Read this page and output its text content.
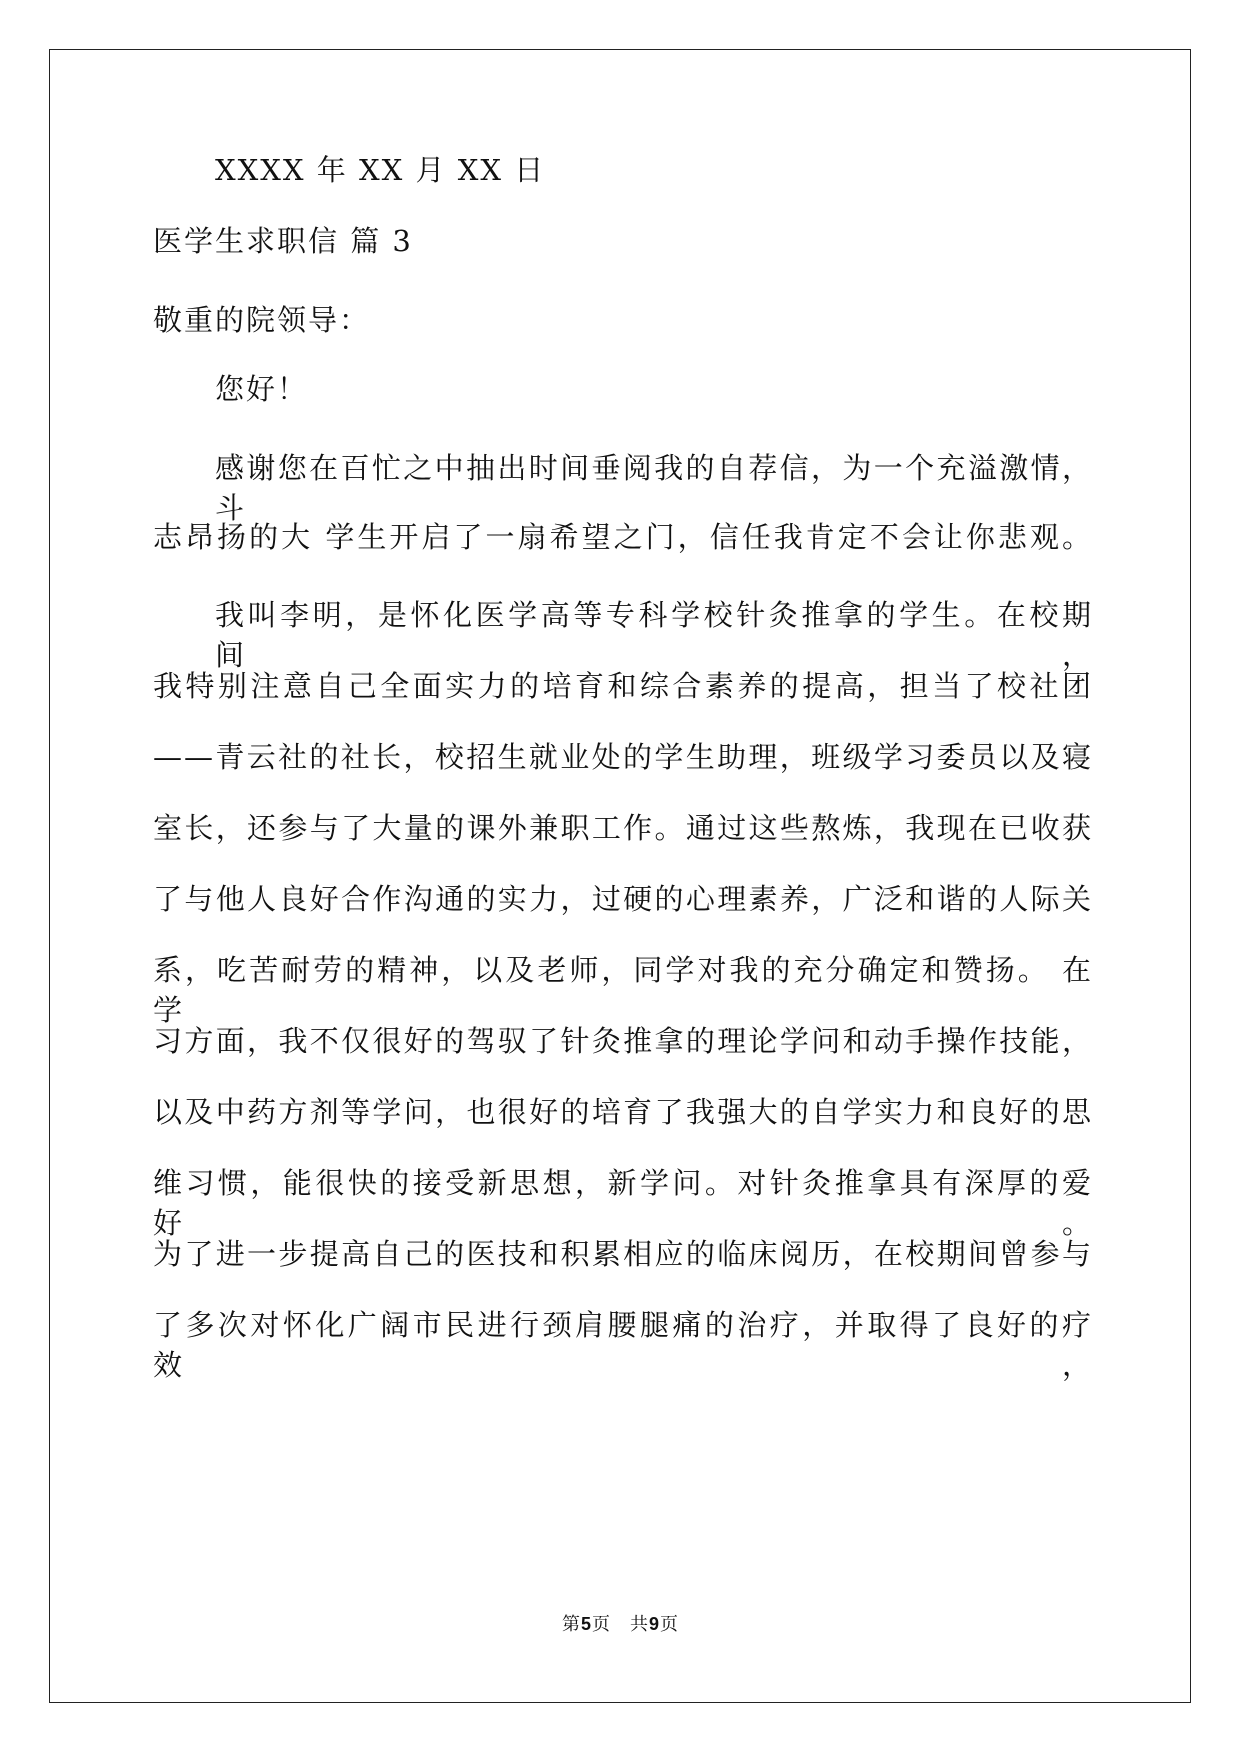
XXXX 年 XX 月 XX 日
医学生求职信 篇 3
敬重的院领导：
您好！
感谢您在百忙之中抽出时间垂阅我的自荐信，为一个充溢激情，斗
志昂扬的大 学生开启了一扇希望之门，信任我肯定不会让你悲观。
我叫李明，是怀化医学高等专科学校针灸推拿的学生。在校期间，
我特别注意自己全面实力的培育和综合素养的提高，担当了校社团
——青云社的社长，校招生就业处的学生助理，班级学习委员以及寝
室长，还参与了大量的课外兼职工作。通过这些熬炼，我现在已收获
了与他人良好合作沟通的实力，过硬的心理素养，广泛和谐的人际关
系，吃苦耐劳的精神，以及老师，同学对我的充分确定和赞扬。 在学
习方面，我不仅很好的驾驭了针灸推拿的理论学问和动手操作技能，
以及中药方剂等学问，也很好的培育了我强大的自学实力和良好的思
维习惯，能很快的接受新思想，新学问。对针灸推拿具有深厚的爱好。
为了进一步提高自己的医技和积累相应的临床阅历，在校期间曾参与
了多次对怀化广阔市民进行颈肩腰腿痛的治疗，并取得了良好的疗效，
第5页　共9页
